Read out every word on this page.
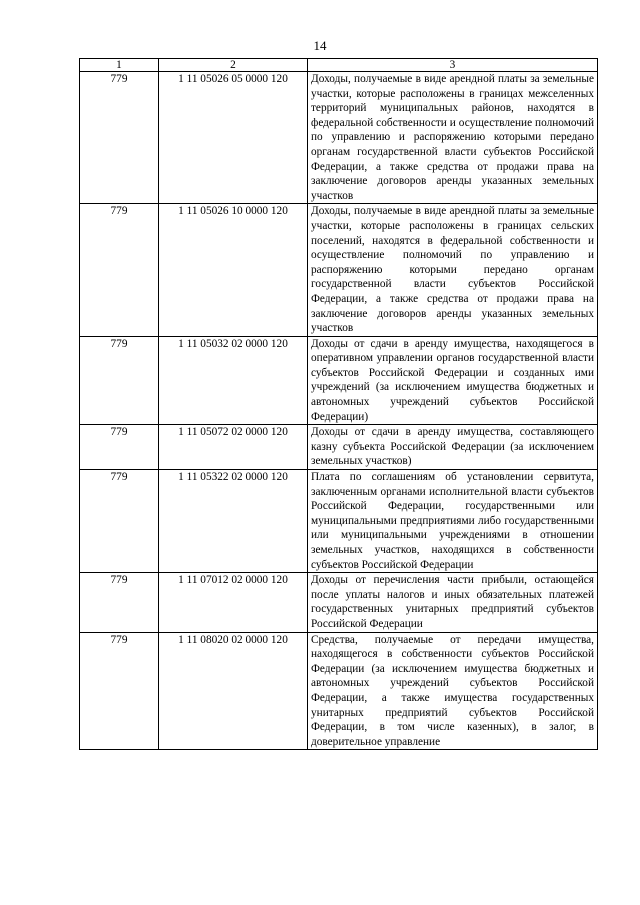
14
1	2	3
779	1 11 05026 05 0000 120	Доходы, получаемые в виде арендной платы за земельные участки, которые расположены в границах межселенных территорий муниципальных районов, находятся в федеральной собственности и осуществление полномочий по управлению и распоряжению которыми передано органам государственной власти субъектов Российской Федерации, а также средства от продажи права на заключение договоров аренды указанных земельных участков
779	1 11 05026 10 0000 120	Доходы, получаемые в виде арендной платы за земельные участки, которые расположены в границах сельских поселений, находятся в федеральной собственности и осуществление полномочий по управлению и распоряжению которыми передано органам государственной власти субъектов Российской Федерации, а также средства от продажи права на заключение договоров аренды указанных земельных участков
779	1 11 05032 02 0000 120	Доходы от сдачи в аренду имущества, находящегося в оперативном управлении органов государственной власти субъектов Российской Федерации и созданных ими учреждений (за исключением имущества бюджетных и автономных учреждений субъектов Российской Федерации)
779	1 11 05072 02 0000 120	Доходы от сдачи в аренду имущества, составляющего казну субъекта Российской Федерации (за исключением земельных участков)
779	1 11 05322 02 0000 120	Плата по соглашениям об установлении сервитута, заключенным органами исполнительной власти субъектов Российской Федерации, государственными или муниципальными предприятиями либо государственными или муниципальными учреждениями в отношении земельных участков, находящихся в собственности субъектов Российской Федерации
779	1 11 07012 02 0000 120	Доходы от перечисления части прибыли, остающейся после уплаты налогов и иных обязательных платежей государственных унитарных предприятий субъектов Российской Федерации
779	1 11 08020 02 0000 120	Средства, получаемые от передачи имущества, находящегося в собственности субъектов Российской Федерации (за исключением имущества бюджетных и автономных учреждений субъектов Российской Федерации, а также имущества государственных унитарных предприятий субъектов Российской Федерации, в том числе казенных), в залог, в доверительное управление
